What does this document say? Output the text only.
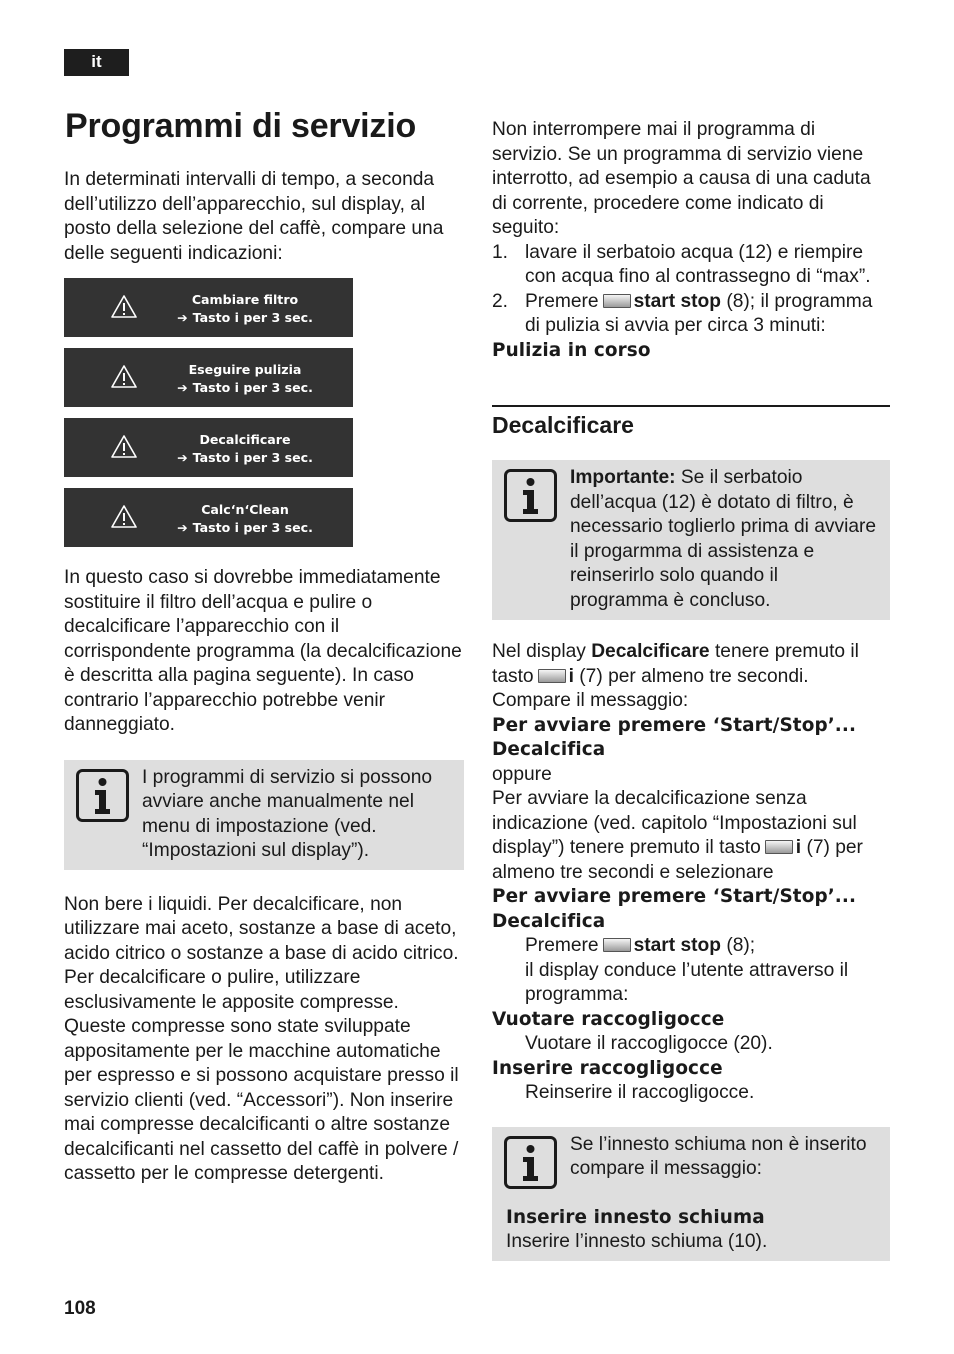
it
Programmi di servizio

In determinati intervalli di tempo, a seconda dell’utilizzo dell’apparecchio, sul display, al posto della selezione del caffè, compare una delle seguenti indicazioni:

Cambiare filtro
➔ Tasto i per 3 sec.
Eseguire pulizia
➔ Tasto i per 3 sec.
Decalcificare
➔ Tasto i per 3 sec.
Calc‘n‘Clean
➔ Tasto i per 3 sec.

In questo caso si dovrebbe immediatamente sostituire il filtro dell’acqua e pulire o decalcificare l’apparecchio con il corrispondente programma (la decalcificazione è descritta alla pagina seguente). In caso contrario l’apparecchio potrebbe venir danneggiato.

I programmi di servizio si possono avviare anche manualmente nel menu di impostazione (ved. “Impostazioni sul display”).

Non bere i liquidi. Per decalcificare, non utilizzare mai aceto, sostanze a base di aceto, acido citrico o sostanze a base di acido citrico. Per decalcificare o pulire, utilizzare esclusivamente le apposite compresse. Queste compresse sono state sviluppate appositamente per le macchine automatiche per espresso e si possono acquistare presso il servizio clienti (ved. “Accessori”). Non inserire mai compresse decalcificanti o altre sostanze decalcificanti nel cassetto del caffè in polvere / cassetto per le compresse detergenti.

Non interrompere mai il programma di servizio. Se un programma di servizio viene interrotto, ad esempio a causa di una caduta di corrente, procedere come indicato di seguito:

1. lavare il serbatoio acqua (12) e riempire con acqua fino al contrassegno di “max”.
2. Premere start stop (8); il programma di pulizia si avvia per circa 3 minuti:

Pulizia in corso

Decalcificare

Importante: Se il serbatoio dell’acqua (12) è dotato di filtro, è necessario toglierlo prima di avviare il progarmma di assistenza e reinserirlo solo quando il programma è concluso.

Nel display Decalcificare tenere premuto il tasto i (7) per almeno tre secondi.
Compare il messaggio:

Per avviare premere ‘Start/Stop’... Decalcifica

oppure

Per avviare la decalcificazione senza indicazione (ved. capitolo “Impostazioni sul display”) tenere premuto il tasto i (7) per almeno tre secondi e selezionare

Per avviare premere ‘Start/Stop’... Decalcifica

Premere start stop (8);
il display conduce l’utente attraverso il programma:

Vuotare raccogligocce

Vuotare il raccogligocce (20).

Inserire raccogligocce

Reinserire il raccogligocce.

Se l’innesto schiuma non è inserito compare il messaggio:

Inserire innesto schiuma

Inserire l’innesto schiuma (10).

108
